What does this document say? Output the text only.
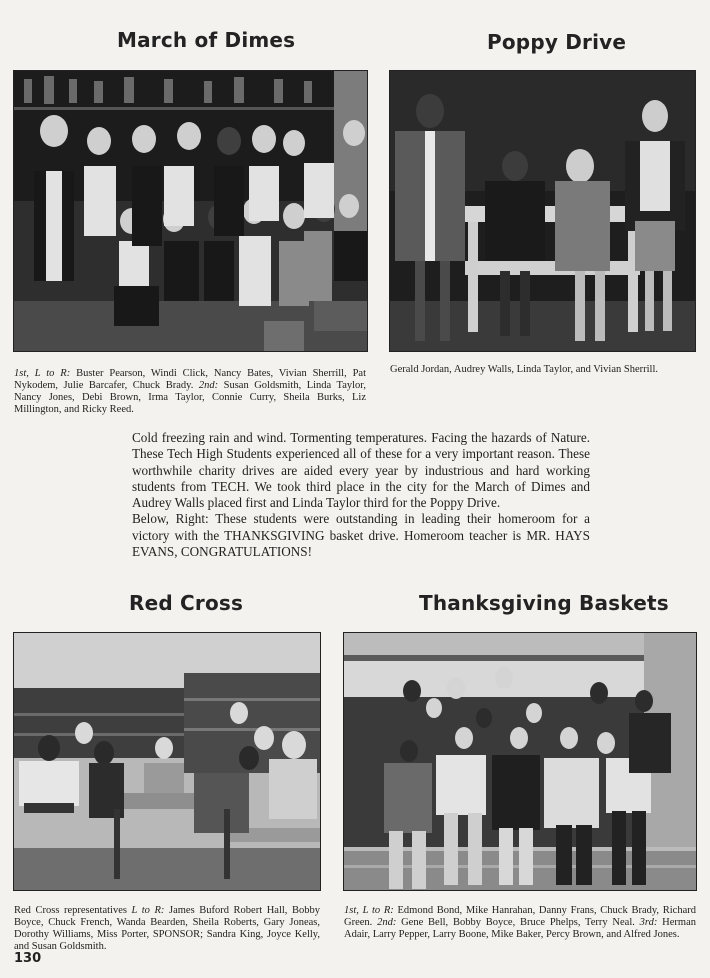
March of Dimes	Poppy Drive
Red Cross	Thanksgiving Baskets
1st, L to R: Buster Pearson, Windi Click, Nancy Bates, Vivian Sherrill, Pat Nykodem, Julie Barcafer, Chuck Brady. 2nd: Susan Goldsmith, Linda Taylor, Nancy Jones, Debi Brown, Irma Taylor, Connie Curry, Sheila Burks, Liz Millington, and Ricky Reed.
Gerald Jordan, Audrey Walls, Linda Taylor, and Vivian Sherrill.

Cold freezing rain and wind. Tormenting temperatures. Facing the hazards of Nature. These Tech High Students experienced all of these for a very important reason. These worthwhile charity drives are aided every year by industrious and hard working students from TECH. We took third place in the city for the March of Dimes and Audrey Walls placed first and Linda Taylor third for the Poppy Drive.

Below, Right: These students were outstanding in leading their homeroom for a victory with the THANKSGIVING basket drive. Homeroom teacher is MR. HAYS EVANS, CONGRATULATIONS!

Red Cross representatives L to R: James Buford Robert Hall, Bobby Boyce, Chuck French, Wanda Bearden, Sheila Roberts, Gary Joneas, Dorothy Williams, Miss Porter, SPONSOR; Sandra King, Joyce Kelly, and Susan Goldsmith.
1st, L to R: Edmond Bond, Mike Hanrahan, Danny Frans, Chuck Brady, Richard Green. 2nd: Gene Bell, Bobby Boyce, Bruce Phelps, Terry Neal. 3rd: Herman Adair, Larry Pepper, Larry Boone, Mike Baker, Percy Brown, and Alfred Jones.
130
